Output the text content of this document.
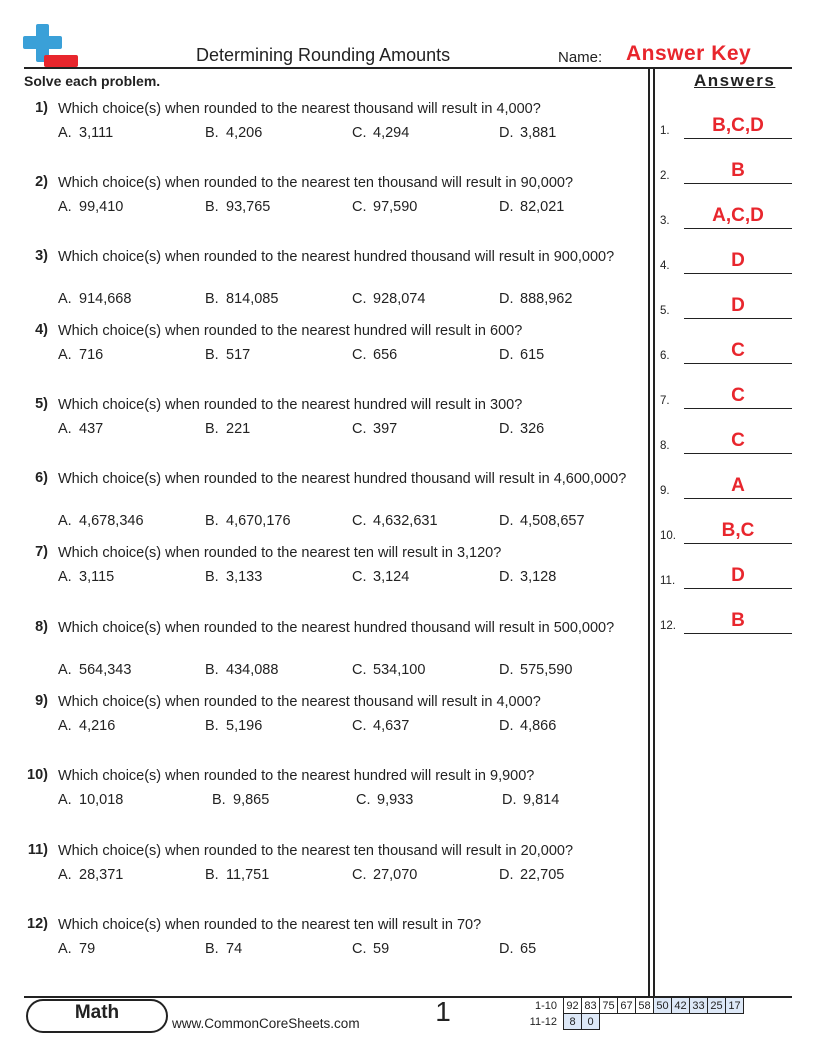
Determining Rounding Amounts	Name: Answer Key
Solve each problem.	Answers
1) Which choice(s) when rounded to the nearest thousand will result in 4,000?
A. 3,111	B. 4,206	C. 4,294	D. 3,881
2) Which choice(s) when rounded to the nearest ten thousand will result in 90,000?
A. 99,410	B. 93,765	C. 97,590	D. 82,021
3) Which choice(s) when rounded to the nearest hundred thousand will result in 900,000?
A. 914,668	B. 814,085	C. 928,074	D. 888,962
4) Which choice(s) when rounded to the nearest hundred will result in 600?
A. 716	B. 517	C. 656	D. 615
5) Which choice(s) when rounded to the nearest hundred will result in 300?
A. 437	B. 221	C. 397	D. 326
6) Which choice(s) when rounded to the nearest hundred thousand will result in 4,600,000?
A. 4,678,346	B. 4,670,176	C. 4,632,631	D. 4,508,657
7) Which choice(s) when rounded to the nearest ten will result in 3,120?
A. 3,115	B. 3,133	C. 3,124	D. 3,128
8) Which choice(s) when rounded to the nearest hundred thousand will result in 500,000?
A. 564,343	B. 434,088	C. 534,100	D. 575,590
9) Which choice(s) when rounded to the nearest thousand will result in 4,000?
A. 4,216	B. 5,196	C. 4,637	D. 4,866
10) Which choice(s) when rounded to the nearest hundred will result in 9,900?
A. 10,018	B. 9,865	C. 9,933	D. 9,814
11) Which choice(s) when rounded to the nearest ten thousand will result in 20,000?
A. 28,371	B. 11,751	C. 27,070	D. 22,705
12) Which choice(s) when rounded to the nearest ten will result in 70?
A. 79	B. 74	C. 59	D. 65
1.	B,C,D
2.	B
3.	A,C,D
4.	D
5.	D
6.	C
7.	C
8.	C
9.	A
10.	B,C
11.	D
12.	B
Math
www.CommonCoreSheets.com	1	1-10	92	83	75	67	58	50	42	33	25	17
11-12	8	0								
